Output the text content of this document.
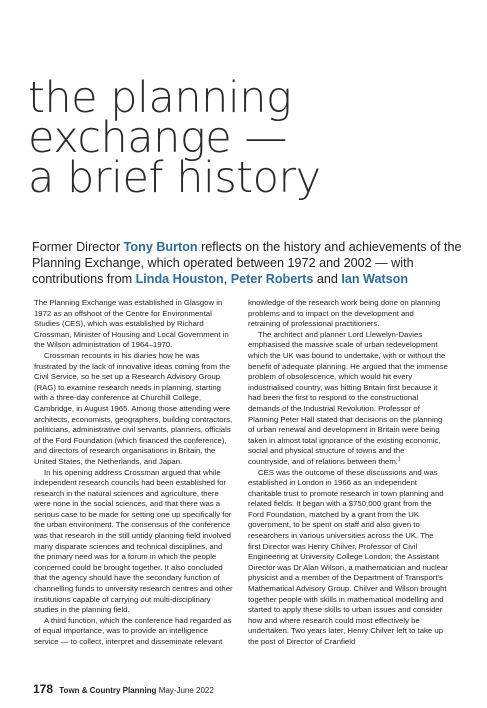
the planning
exchange —
a brief history
Former Director Tony Burton reflects on the history and achievements of the Planning Exchange, which operated between 1972 and 2002 — with contributions from Linda Houston, Peter Roberts and Ian Watson

The Planning Exchange was established in Glasgow in 1972 as an offshoot of the Centre for Environmental Studies (CES), which was established by Richard Crossman, Minister of Housing and Local Government in the Wilson administration of 1964–1970.

Crossman recounts in his diaries how he was frustrated by the lack of innovative ideas coming from the Civil Service, so he set up a Research Advisory Group (RAG) to examine research needs in planning, starting with a three-day conference at Churchill College, Cambridge, in August 1965. Among those attending were architects, economists, geographers, building contractors, politicians, administrative civil servants, planners, officials of the Ford Foundation (which financed the conference), and directors of research organisations in Britain, the United States, the Netherlands, and Japan.

In his opening address Crossman argued that while independent research councils had been established for research in the natural sciences and agriculture, there were none in the social sciences, and that there was a serious case to be made for setting one up specifically for the urban environment. The consensus of the conference was that research in the still untidy planning field involved many disparate sciences and technical disciplines, and the primary need was for a forum in which the people concerned could be brought together. It also concluded that the agency should have the secondary function of channelling funds to university research centres and other institutions capable of carrying out multi-disciplinary studies in the planning field.

A third function, which the conference had regarded as of equal importance, was to provide an intelligence service — to collect, interpret and disseminate relevant

knowledge of the research work being done on planning problems and to impact on the development and retraining of professional practitioners.

The architect and planner Lord Llewelyn-Davies emphasised the massive scale of urban redevelopment which the UK was bound to undertake, with or without the benefit of adequate planning. He argued that the immense problem of obsolescence, which would hit every industrialised country, was hitting Britain first because it had been the first to respond to the constructional demands of the Industrial Revolution. Professor of Planning Peter Hall stated that decisions on the planning of urban renewal and development in Britain were being taken in almost total ignorance of the existing economic, social and physical structure of towns and the countryside, and of relations between them.$^1$

CES was the outcome of these discussions and was established in London in 1966 as an independent charitable trust to promote research in town planning and related fields. It began with a $750,000 grant from the Ford Foundation, matched by a grant from the UK government, to be spent on staff and also given to researchers in various universities across the UK. The first Director was Henry Chilver, Professor of Civil Engineering at University College London; the Assistant Director was Dr Alan Wilson, a mathematician and nuclear physicist and a member of the Department of Transport's Mathematical Advisory Group. Chilver and Wilson brought together people with skills in mathematical modelling and started to apply these skills to urban issues and consider how and where research could most effectively be undertaken. Two years later, Henry Chilver left to take up the post of Director of Cranfield

178 Town & Country Planning May-June 2022
